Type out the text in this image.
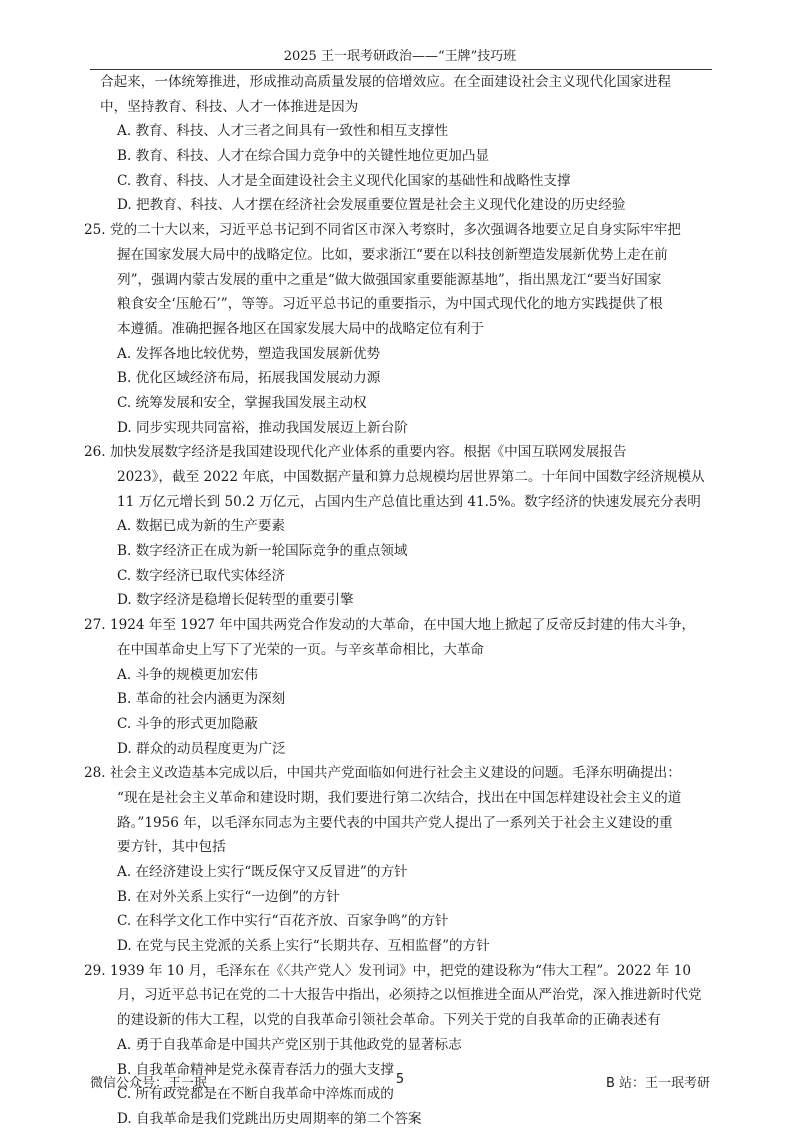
2025 王一珉考研政治——“王牌”技巧班
合起来，一体统筹推进，形成推动高质量发展的倍增效应。在全面建设社会主义现代化国家进程
中，坚持教育、科技、人才一体推进是因为
A. 教育、科技、人才三者之间具有一致性和相互支撑性
B. 教育、科技、人才在综合国力竞争中的关键性地位更加凸显
C. 教育、科技、人才是全面建设社会主义现代化国家的基础性和战略性支撑
D. 把教育、科技、人才摆在经济社会发展重要位置是社会主义现代化建设的历史经验
25. 党的二十大以来，习近平总书记到不同省区市深入考察时，多次强调各地要立足自身实际牢牢把
握在国家发展大局中的战略定位。比如，要求浙江“要在以科技创新塑造发展新优势上走在前
列”，强调内蒙古发展的重中之重是“做大做强国家重要能源基地”，指出黑龙江“要当好国家
粮食安全‘压舱石’”，等等。习近平总书记的重要指示，为中国式现代化的地方实践提供了根
本遵循。准确把握各地区在国家发展大局中的战略定位有利于
A. 发挥各地比较优势，塑造我国发展新优势
B. 优化区域经济布局，拓展我国发展动力源
C. 统筹发展和安全，掌握我国发展主动权
D. 同步实现共同富裕，推动我国发展迈上新台阶
26. 加快发展数字经济是我国建设现代化产业体系的重要内容。根据《中国互联网发展报告
2023》，截至 2022 年底，中国数据产量和算力总规模均居世界第二。十年间中国数字经济规模从
11 万亿元增长到 50.2 万亿元，占国内生产总值比重达到 41.5%。数字经济的快速发展充分表明
A. 数据已成为新的生产要素
B. 数字经济正在成为新一轮国际竞争的重点领域
C. 数字经济已取代实体经济
D. 数字经济是稳增长促转型的重要引擎
27. 1924 年至 1927 年中国共两党合作发动的大革命，在中国大地上掀起了反帝反封建的伟大斗争，
在中国革命史上写下了光荣的一页。与辛亥革命相比，大革命
A. 斗争的规模更加宏伟
B. 革命的社会内涵更为深刻
C. 斗争的形式更加隐蔽
D. 群众的动员程度更为广泛
28. 社会主义改造基本完成以后，中国共产党面临如何进行社会主义建设的问题。毛泽东明确提出：
“现在是社会主义革命和建设时期，我们要进行第二次结合，找出在中国怎样建设社会主义的道
路。”1956 年，以毛泽东同志为主要代表的中国共产党人提出了一系列关于社会主义建设的重
要方针，其中包括
A. 在经济建设上实行“既反保守又反冒进”的方针
B. 在对外关系上实行“一边倒”的方针
C. 在科学文化工作中实行“百花齐放、百家争鸣”的方针
D. 在党与民主党派的关系上实行“长期共存、互相监督”的方针
29. 1939 年 10 月，毛泽东在《〈共产党人〉发刊词》中，把党的建设称为“伟大工程”。2022 年 10
月，习近平总书记在党的二十大报告中指出，必须持之以恒推进全面从严治党，深入推进新时代党
的建设新的伟大工程，以党的自我革命引领社会革命。下列关于党的自我革命的正确表述有
A. 勇于自我革命是中国共产党区别于其他政党的显著标志
B. 自我革命精神是党永葆青春活力的强大支撑
C. 所有政党都是在不断自我革命中淬炼而成的
D. 自我革命是我们党跳出历史周期率的第二个答案
微信公众号：王一珉	5	B 站：王一珉考研
